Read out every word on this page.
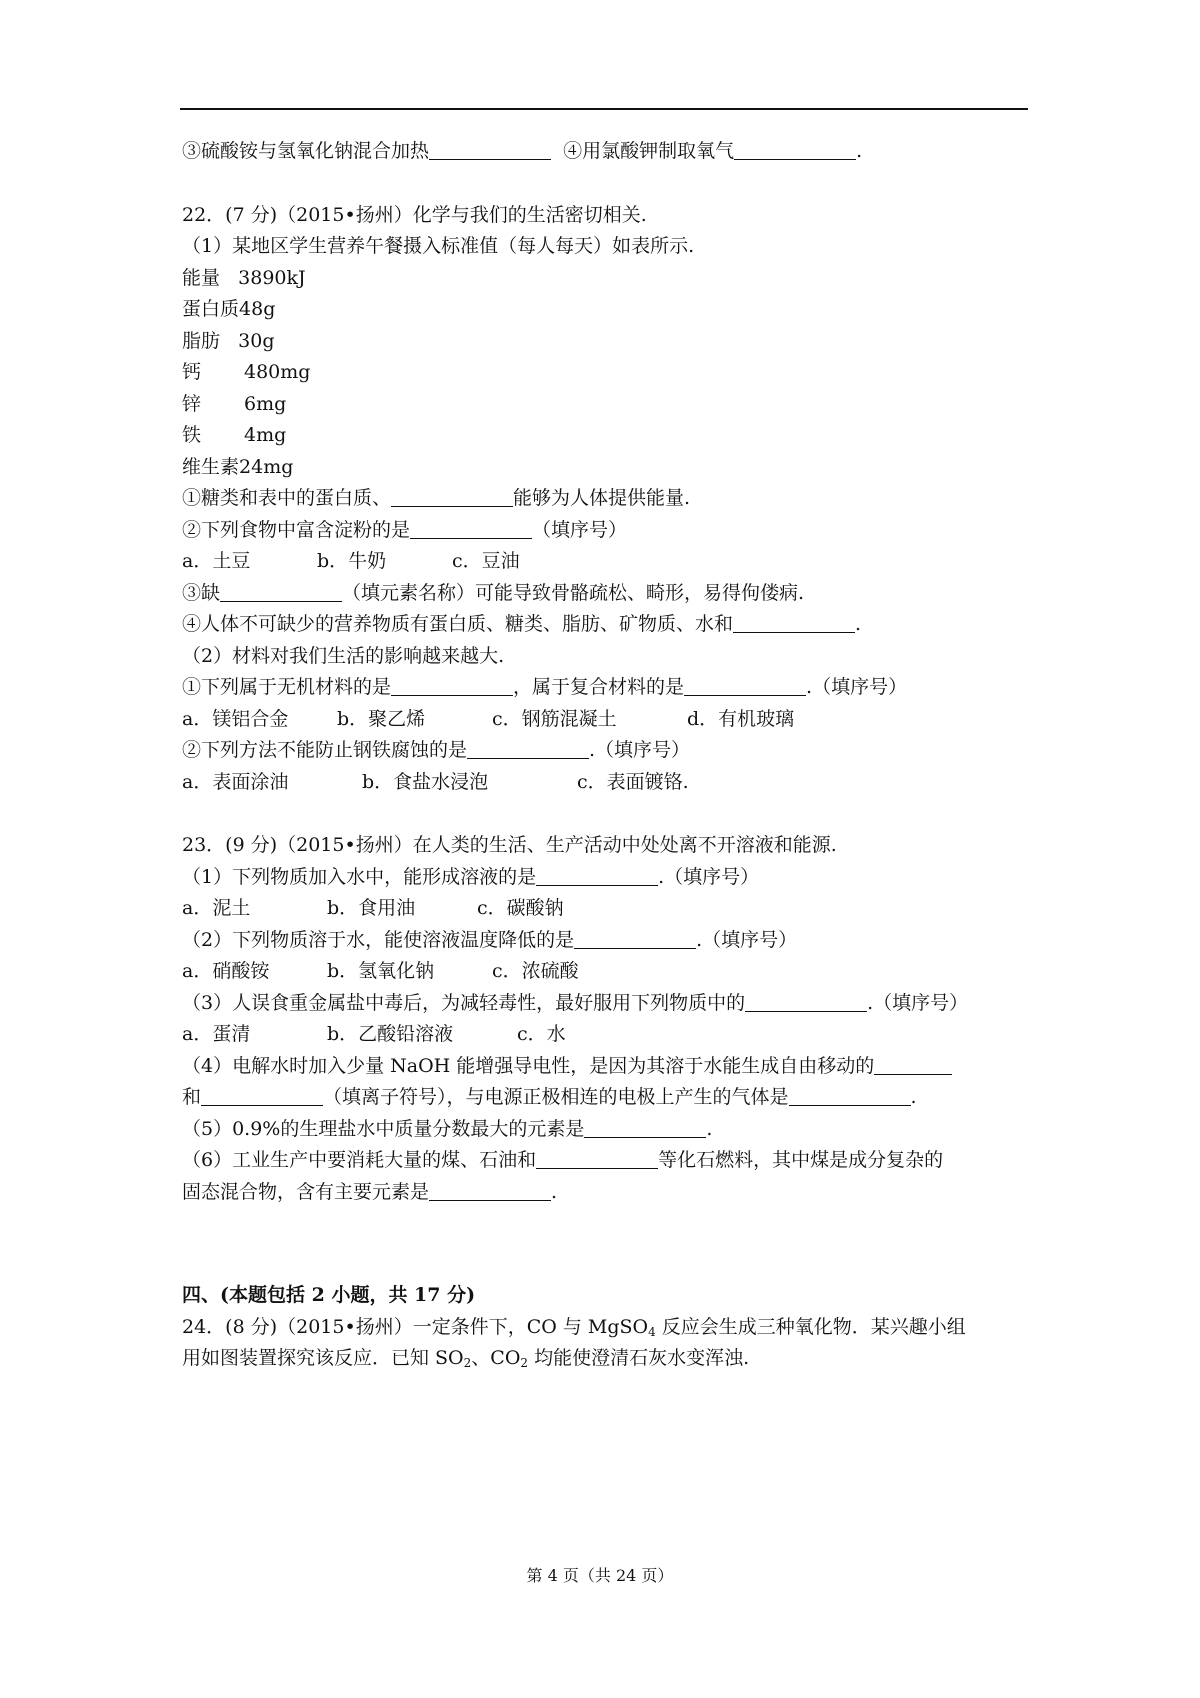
③硫酸铵与氢氧化钠混合加热	④用氯酸钾制取氧气	.
22．(7 分)（2015•扬州）化学与我们的生活密切相关.
（1）某地区学生营养午餐摄入标准值（每人每天）如表所示.
能量 3890kJ
蛋白质48g
脂肪 30g
钙 480mg
锌 6mg
铁 4mg
维生素24mg
①糖类和表中的蛋白质、	能够为人体提供能量.
②下列食物中富含淀粉的是	（填序号）
a．土豆	b．牛奶	c．豆油
③缺	（填元素名称）可能导致骨骼疏松、畸形，易得佝偻病.
④人体不可缺少的营养物质有蛋白质、糖类、脂肪、矿物质、水和	.
（2）材料对我们生活的影响越来越大.
①下列属于无机材料的是	，属于复合材料的是	.（填序号）
a．镁铝合金	b．聚乙烯	c．钢筋混凝土	d．有机玻璃
②下列方法不能防止钢铁腐蚀的是	.（填序号）
a．表面涂油	b．食盐水浸泡	c．表面镀铬.
23．(9 分)（2015•扬州）在人类的生活、生产活动中处处离不开溶液和能源.
（1）下列物质加入水中，能形成溶液的是	.（填序号）
a．泥土	b．食用油	c．碳酸钠
（2）下列物质溶于水，能使溶液温度降低的是	.（填序号）
a．硝酸铵	b．氢氧化钠	c．浓硫酸
（3）人误食重金属盐中毒后，为减轻毒性，最好服用下列物质中的	.（填序号）
a．蛋清	b．乙酸铅溶液	c．水
（4）电解水时加入少量 NaOH 能增强导电性，是因为其溶于水能生成自由移动的
和	（填离子符号），与电源正极相连的电极上产生的气体是	.
（5）0.9%的生理盐水中质量分数最大的元素是	.
（6）工业生产中要消耗大量的煤、石油和	等化石燃料，其中煤是成分复杂的
固态混合物，含有主要元素是	.
四、(本题包括 2 小题，共 17 分)
24．(8 分)（2015•扬州）一定条件下，CO 与 MgSO$_4$ 反应会生成三种氧化物．某兴趣小组
用如图装置探究该反应．已知 $SO_2$、$CO_2$ 均能使澄清石灰水变浑浊.
第 4 页（共 24 页）
